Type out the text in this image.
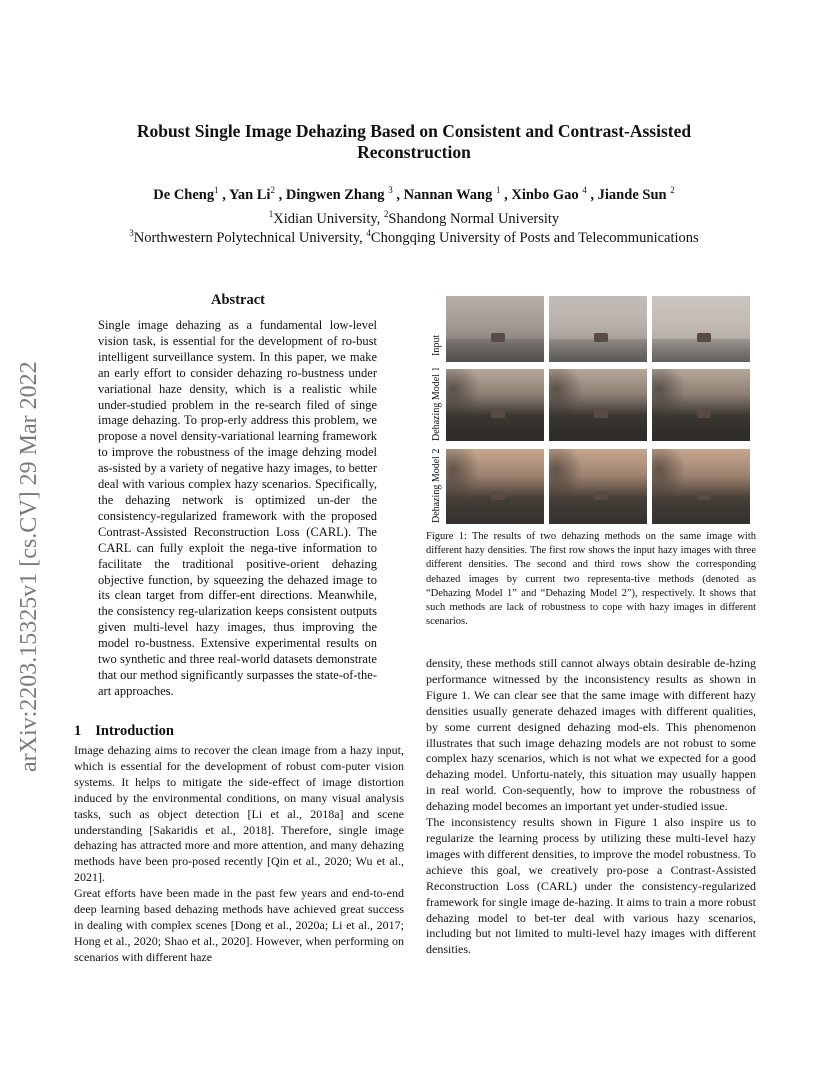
Robust Single Image Dehazing Based on Consistent and Contrast-Assisted
Reconstruction
De Cheng$^1$ , Yan Li$^2$ , Dingwen Zhang $^3$ , Nannan Wang $^1$ , Xinbo Gao $^4$ , Jiande Sun $^2$
$^1$Xidian University, $^2$Shandong Normal University
$^3$Northwestern Polytechnical University, $^4$Chongqing University of Posts and Telecommunications
arXiv:2203.15325v1 [cs.CV] 29 Mar 2022
Abstract
Single image dehazing as a fundamental low-level vision task, is essential for the development of ro-bust intelligent surveillance system. In this paper, we make an early effort to consider dehazing ro-bustness under variational haze density, which is a realistic while under-studied problem in the re-search filed of singe image dehazing. To prop-erly address this problem, we propose a novel density-variational learning framework to improve the robustness of the image dehzing model as-sisted by a variety of negative hazy images, to better deal with various complex hazy scenarios. Specifically, the dehazing network is optimized un-der the consistency-regularized framework with the proposed Contrast-Assisted Reconstruction Loss (CARL). The CARL can fully exploit the nega-tive information to facilitate the traditional positive-orient dehazing objective function, by squeezing the dehazed image to its clean target from differ-ent directions. Meanwhile, the consistency reg-ularization keeps consistent outputs given multi-level hazy images, thus improving the model ro-bustness. Extensive experimental results on two synthetic and three real-world datasets demonstrate that our method significantly surpasses the state-of-the-art approaches.
1 Introduction
Image dehazing aims to recover the clean image from a hazy input, which is essential for the development of robust com-puter vision systems. It helps to mitigate the side-effect of image distortion induced by the environmental conditions, on many visual analysis tasks, such as object detection [Li et al., 2018a] and scene understanding [Sakaridis et al., 2018]. Therefore, single image dehazing has attracted more and more attention, and many dehazing methods have been pro-posed recently [Qin et al., 2020; Wu et al., 2021].
Great efforts have been made in the past few years and end-to-end deep learning based dehazing methods have achieved great success in dealing with complex scenes [Dong et al., 2020a; Li et al., 2017; Hong et al., 2020; Shao et al., 2020]. However, when performing on scenarios with different haze
density, these methods still cannot always obtain desirable de-hzing performance witnessed by the inconsistency results as shown in Figure 1. We can clear see that the same image with different hazy densities usually generate dehazed images with different qualities, by some current designed dehazing mod-els. This phenomenon illustrates that such image dehazing models are not robust to some complex hazy scenarios, which is not what we expected for a good dehazing model. Unfortu-nately, this situation may usually happen in real world. Con-sequently, how to improve the robustness of dehazing model becomes an important yet under-studied issue.
The inconsistency results shown in Figure 1 also inspire us to regularize the learning process by utilizing these multi-level hazy images with different densities, to improve the model robustness. To achieve this goal, we creatively pro-pose a Contrast-Assisted Reconstruction Loss (CARL) under the consistency-regularized framework for single image de-hazing. It aims to train a more robust dehazing model to bet-ter deal with various hazy scenarios, including but not limited to multi-level hazy images with different densities.
Input
Dehazing Model 1
Dehazing Model 2
Figure 1: The results of two dehazing methods on the same image with different hazy densities. The first row shows the input hazy images with three different densities. The second and third rows show the corresponding dehazed images by current two representa-tive methods (denoted as “Dehazing Model 1” and “Dehazing Model 2”), respectively. It shows that such methods are lack of robustness to cope with hazy images in different scenarios.
